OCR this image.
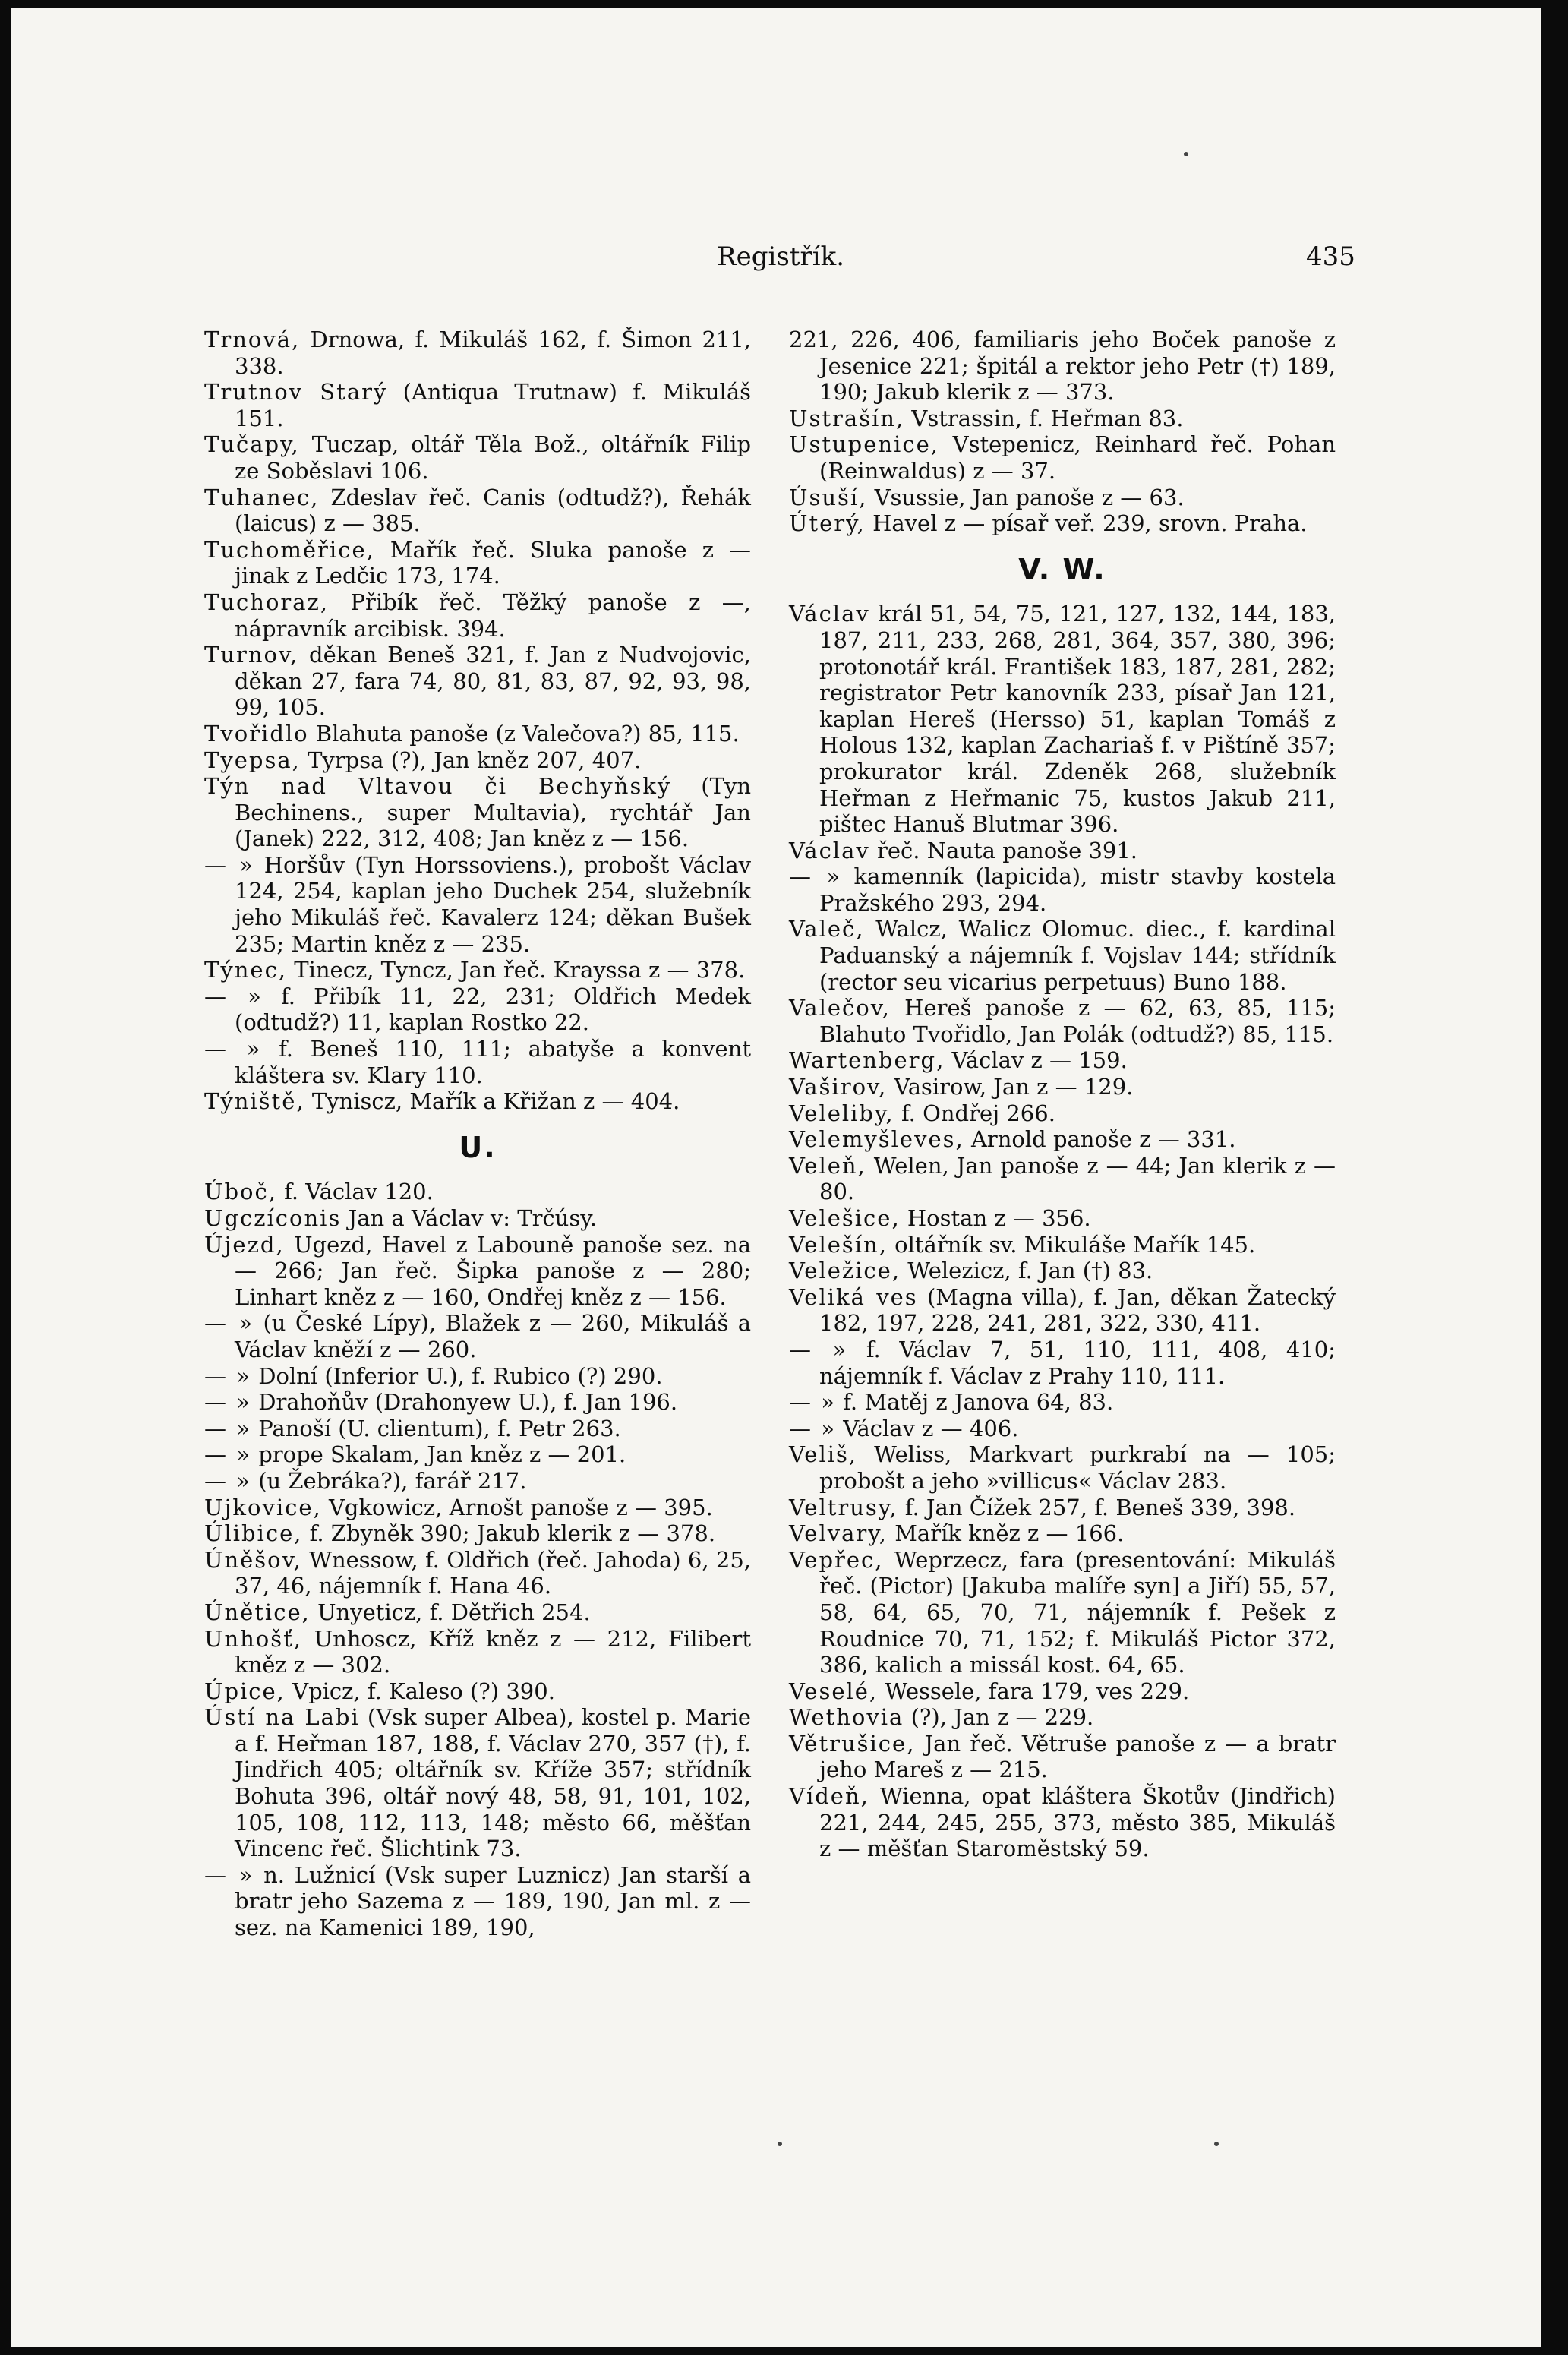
Registřík.	435
Trnová, Drnowa, f. Mikuláš 162, f. Šimon 211, 338.
Trutnov Starý (Antiqua Trutnaw) f. Mikuláš 151.
Tučapy, Tuczap, oltář Těla Bož., oltářník Filip ze Soběslavi 106.
Tuhanec, Zdeslav řeč. Canis (odtudž?), Řehák (laicus) z — 385.
Tuchoměřice, Mařík řeč. Sluka panoše z — jinak z Ledčic 173, 174.
Tuchoraz, Přibík řeč. Těžký panoše z —, nápravník arcibisk. 394.
Turnov, děkan Beneš 321, f. Jan z Nudvojovic, děkan 27, fara 74, 80, 81, 83, 87, 92, 93, 98, 99, 105.
Tvořidlo Blahuta panoše (z Valečova?) 85, 115.
Tyepsa, Tyrpsa (?), Jan kněz 207, 407.
Týn nad Vltavou či Bechyňský (Tyn Bechinens., super Multavia), rychtář Jan (Janek) 222, 312, 408; Jan kněz z — 156.
— » Horšův (Tyn Horssoviens.), probošt Václav 124, 254, kaplan jeho Duchek 254, služebník jeho Mikuláš řeč. Kavalerz 124; děkan Bušek 235; Martin kněz z — 235.
Týnec, Tinecz, Tyncz, Jan řeč. Krayssa z — 378.
— » f. Přibík 11, 22, 231; Oldřich Medek (odtudž?) 11, kaplan Rostko 22.
— » f. Beneš 110, 111; abatyše a konvent kláštera sv. Klary 110.
Týniště, Tyniscz, Mařík a Křižan z — 404.
U.
Úboč, f. Václav 120.
Ugczíconis Jan a Václav v: Trčúsy.
Újezd, Ugezd, Havel z Labouně panoše sez. na — 266; Jan řeč. Šipka panoše z — 280; Linhart kněz z — 160, Ondřej kněz z — 156.
— » (u České Lípy), Blažek z — 260, Mikuláš a Václav kněží z — 260.
— » Dolní (Inferior U.), f. Rubico (?) 290.
— » Drahoňův (Drahonyew U.), f. Jan 196.
— » Panoší (U. clientum), f. Petr 263.
— » prope Skalam, Jan kněz z — 201.
— » (u Žebráka?), farář 217.
Ujkovice, Vgkowicz, Arnošt panoše z — 395.
Úlibice, f. Zbyněk 390; Jakub klerik z — 378.
Úněšov, Wnessow, f. Oldřich (řeč. Jahoda) 6, 25, 37, 46, nájemník f. Hana 46.
Únětice, Unyeticz, f. Dětřich 254.
Unhošť, Unhoscz, Kříž kněz z — 212, Filibert kněz z — 302.
Úpice, Vpicz, f. Kaleso (?) 390.
Ústí na Labi (Vsk super Albea), kostel p. Marie a f. Heřman 187, 188, f. Václav 270, 357 (†), f. Jindřich 405; oltářník sv. Kříže 357; střídník Bohuta 396, oltář nový 48, 58, 91, 101, 102, 105, 108, 112, 113, 148; město 66, měšťan Vincenc řeč. Šlichtink 73.
— » n. Lužnicí (Vsk super Luznicz) Jan starší a bratr jeho Sazema z — 189, 190, Jan ml. z — sez. na Kamenici 189, 190,
221, 226, 406, familiaris jeho Boček panoše z Jesenice 221; špitál a rektor jeho Petr (†) 189, 190; Jakub klerik z — 373.
Ustrašín, Vstrassin, f. Heřman 83.
Ustupenice, Vstepenicz, Reinhard řeč. Pohan (Reinwaldus) z — 37.
Úsuší, Vsussie, Jan panoše z — 63.
Úterý, Havel z — písař veř. 239, srovn. Praha.
V. W.
Václav král 51, 54, 75, 121, 127, 132, 144, 183, 187, 211, 233, 268, 281, 364, 357, 380, 396; protonotář král. František 183, 187, 281, 282; registrator Petr kanovník 233, písař Jan 121, kaplan Hereš (Hersso) 51, kaplan Tomáš z Holous 132, kaplan Zachariaš f. v Pištíně 357; prokurator král. Zdeněk 268, služebník Heřman z Heřmanic 75, kustos Jakub 211, pištec Hanuš Blutmar 396.
Václav řeč. Nauta panoše 391.
— » kamenník (lapicida), mistr stavby kostela Pražského 293, 294.
Valeč, Walcz, Walicz Olomuc. diec., f. kardinal Paduanský a nájemník f. Vojslav 144; střídník (rector seu vicarius perpetuus) Buno 188.
Valečov, Hereš panoše z — 62, 63, 85, 115; Blahuto Tvořidlo, Jan Polák (odtudž?) 85, 115.
Wartenberg, Václav z — 159.
Vaširov, Vasirow, Jan z — 129.
Veleliby, f. Ondřej 266.
Velemyšleves, Arnold panoše z — 331.
Veleň, Welen, Jan panoše z — 44; Jan klerik z — 80.
Velešice, Hostan z — 356.
Velešín, oltářník sv. Mikuláše Mařík 145.
Veležice, Welezicz, f. Jan (†) 83.
Veliká ves (Magna villa), f. Jan, děkan Žatecký 182, 197, 228, 241, 281, 322, 330, 411.
— » f. Václav 7, 51, 110, 111, 408, 410; nájemník f. Václav z Prahy 110, 111.
— » f. Matěj z Janova 64, 83.
— » Václav z — 406.
Veliš, Weliss, Markvart purkrabí na — 105; probošt a jeho »villicus« Václav 283.
Veltrusy, f. Jan Čížek 257, f. Beneš 339, 398.
Velvary, Mařík kněz z — 166.
Vepřec, Weprzecz, fara (presentování: Mikuláš řeč. (Pictor) [Jakuba malíře syn] a Jiří) 55, 57, 58, 64, 65, 70, 71, nájemník f. Pešek z Roudnice 70, 71, 152; f. Mikuláš Pictor 372, 386, kalich a missál kost. 64, 65.
Veselé, Wessele, fara 179, ves 229.
Wethovia (?), Jan z — 229.
Větrušice, Jan řeč. Větruše panoše z — a bratr jeho Mareš z — 215.
Vídeň, Wienna, opat kláštera Škotův (Jindřich) 221, 244, 245, 255, 373, město 385, Mikuláš z — měšťan Staroměstský 59.
